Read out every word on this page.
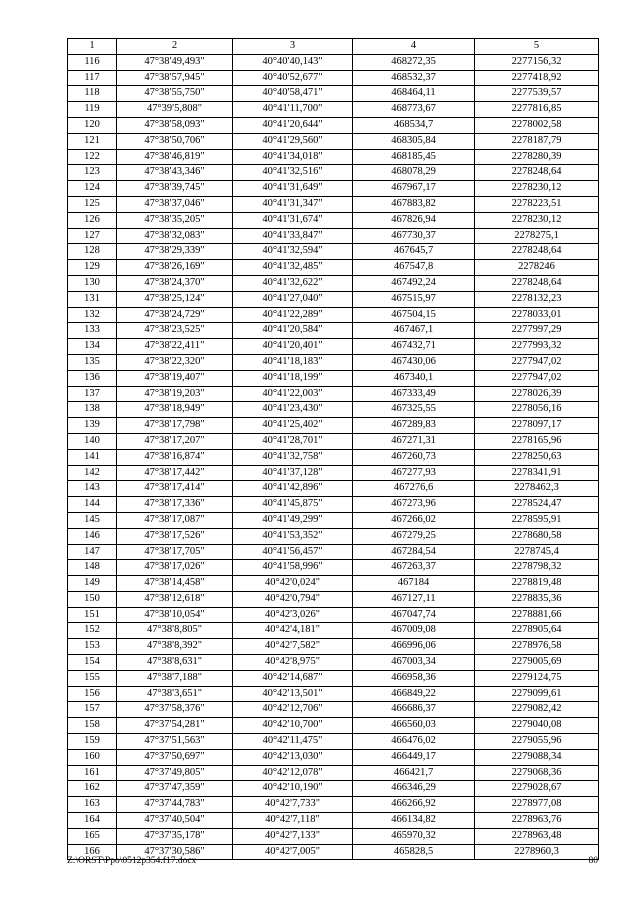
1	2	3	4	5
116	47°38'49,493"	40°40'40,143"	468272,35	2277156,32
117	47°38'57,945"	40°40'52,677"	468532,37	2277418,92
118	47°38'55,750"	40°40'58,471"	468464,11	2277539,57
119	47°39'5,808"	40°41'11,700"	468773,67	2277816,85
120	47°38'58,093"	40°41'20,644"	468534,7	2278002,58
121	47°38'50,706"	40°41'29,560"	468305,84	2278187,79
122	47°38'46,819"	40°41'34,018"	468185,45	2278280,39
123	47°38'43,346"	40°41'32,516"	468078,29	2278248,64
124	47°38'39,745"	40°41'31,649"	467967,17	2278230,12
125	47°38'37,046"	40°41'31,347"	467883,82	2278223,51
126	47°38'35,205"	40°41'31,674"	467826,94	2278230,12
127	47°38'32,083"	40°41'33,847"	467730,37	2278275,1
128	47°38'29,339"	40°41'32,594"	467645,7	2278248,64
129	47°38'26,169"	40°41'32,485"	467547,8	2278246
130	47°38'24,370"	40°41'32,622"	467492,24	2278248,64
131	47°38'25,124"	40°41'27,040"	467515,97	2278132,23
132	47°38'24,729"	40°41'22,289"	467504,15	2278033,01
133	47°38'23,525"	40°41'20,584"	467467,1	2277997,29
134	47°38'22,411"	40°41'20,401"	467432,71	2277993,32
135	47°38'22,320"	40°41'18,183"	467430,06	2277947,02
136	47°38'19,407"	40°41'18,199"	467340,1	2277947,02
137	47°38'19,203"	40°41'22,003"	467333,49	2278026,39
138	47°38'18,949"	40°41'23,430"	467325,55	2278056,16
139	47°38'17,798"	40°41'25,402"	467289,83	2278097,17
140	47°38'17,207"	40°41'28,701"	467271,31	2278165,96
141	47°38'16,874"	40°41'32,758"	467260,73	2278250,63
142	47°38'17,442"	40°41'37,128"	467277,93	2278341,91
143	47°38'17,414"	40°41'42,896"	467276,6	2278462,3
144	47°38'17,336"	40°41'45,875"	467273,96	2278524,47
145	47°38'17,087"	40°41'49,299"	467266,02	2278595,91
146	47°38'17,526"	40°41'53,352"	467279,25	2278680,58
147	47°38'17,705"	40°41'56,457"	467284,54	2278745,4
148	47°38'17,026"	40°41'58,996"	467263,37	2278798,32
149	47°38'14,458"	40°42'0,024"	467184	2278819,48
150	47°38'12,618"	40°42'0,794"	467127,11	2278835,36
151	47°38'10,054"	40°42'3,026"	467047,74	2278881,66
152	47°38'8,805"	40°42'4,181"	467009,08	2278905,64
153	47°38'8,392"	40°42'7,582"	466996,06	2278976,58
154	47°38'8,631"	40°42'8,975"	467003,34	2279005,69
155	47°38'7,188"	40°42'14,687"	466958,36	2279124,75
156	47°38'3,651"	40°42'13,501"	466849,22	2279099,61
157	47°37'58,376"	40°42'12,706"	466686,37	2279082,42
158	47°37'54,281"	40°42'10,700"	466560,03	2279040,08
159	47°37'51,563"	40°42'11,475"	466476,02	2279055,96
160	47°37'50,697"	40°42'13,030"	466449,17	2279088,34
161	47°37'49,805"	40°42'12,078"	466421,7	2279068,36
162	47°37'47,359"	40°42'10,190"	466346,29	2279028,67
163	47°37'44,783"	40°42'7,733"	466266,92	2278977,08
164	47°37'40,504"	40°42'7,118"	466134,82	2278963,76
165	47°37'35,178"	40°42'7,133"	465970,32	2278963,48
166	47°37'30,586"	40°42'7,005"	465828,5	2278960,3
Z:\ORST\Ppo\0512p354.f17.docx	80
